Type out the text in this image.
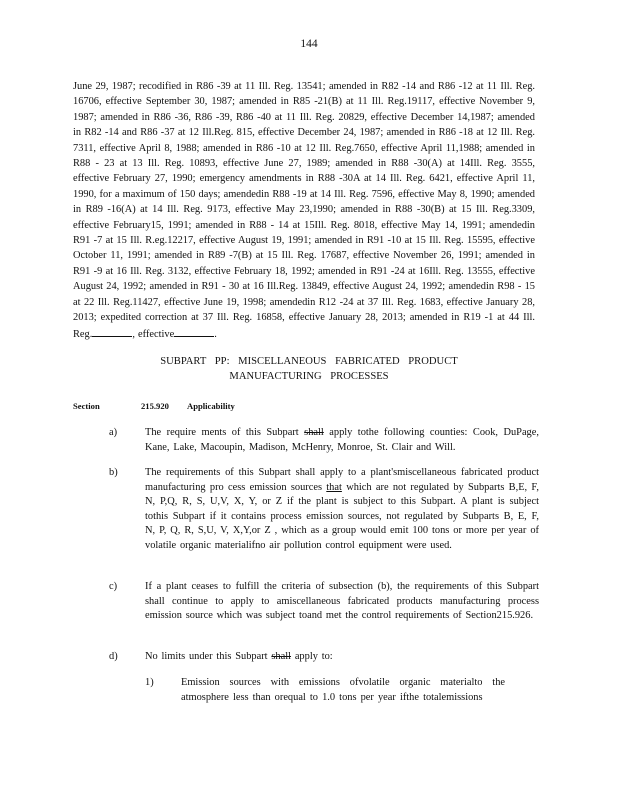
144
June 29, 1987; recodified in R86 -39 at 11 Ill. Reg. 13541; amended in R82 -14 and R86 -12 at 11 Ill. Reg. 16706, effective September 30, 1987; amended in R85 -21(B) at 11 Ill. Reg.19117, effective November 9, 1987; amended in R86 -36, R86 -39, R86 -40 at 11 Ill. Reg. 20829, effective December 14,1987; amended in R82 -14 and R86 -37 at 12 Ill.Reg. 815, effective December 24, 1987; amended in R86 -18 at 12 Ill. Reg. 7311, effective April 8, 1988; amended in R86 -10 at 12 Ill. Reg.7650, effective April 11,1988; amended in R88 - 23 at 13 Ill. Reg. 10893, effective June 27, 1989; amended in R88 -30(A) at 14Ill. Reg. 3555, effective February 27, 1990; emergency amendments in R88 -30A at 14 Ill. Reg. 6421, effective April 11, 1990, for a maximum of 150 days; amendedin R88 -19 at 14 Ill. Reg. 7596, effective May 8, 1990; amended in R89 -16(A) at 14 Ill. Reg. 9173, effective May 23,1990; amended in R88 -30(B) at 15 Ill. Reg.3309, effective February15, 1991; amended in R88 - 14 at 15Ill. Reg. 8018, effective May 14, 1991; amendedin R91 -7 at 15 Ill. R.eg.12217, effective August 19, 1991; amended in R91 -10 at 15 Ill. Reg. 15595, effective October 11, 1991; amended in R89 -7(B) at 15 Ill. Reg. 17687, effective November 26, 1991; amended in R91 -9 at 16 Ill. Reg. 3132, effective February 18, 1992; amended in R91 -24 at 16Ill. Reg. 13555, effective August 24, 1992; amended in R91 - 30 at 16 Ill.Reg. 13849, effective August 24, 1992; amendedin R98 - 15 at 22 Ill. Reg.11427, effective June 19, 1998; amendedin R12 -24 at 37 Ill. Reg. 1683, effective January 28, 2013; expedited correction at 37 Ill. Reg. 16858, effective January 28, 2013; amended in R19 -1 at 44 Ill. Reg.	, effective	.
SUBPART PP: MISCELLANEOUS FABRICATED PRODUCT
MANUFACTURING PROCESSES
Section	215.920 Applicability
a)	The require ments of this Subpart shall apply tothe following counties: Cook, DuPage, Kane, Lake, Macoupin, Madison, McHenry, Monroe, St. Clair and Will.
b)	The requirements of this Subpart shall apply to a plant'smiscellaneous fabricated product manufacturing pro cess emission sources that which are not regulated by Subparts B,E, F, N, P,Q, R, S, U,V, X, Y, or Z if the plant is subject to this Subpart. A plant is subject tothis Subpart if it contains process emission sources, not regulated by Subparts B, E, F, N, P, Q, R, S,U, V, X,Y,or Z , which as a group would emit 100 tons or more per year of volatile organic materialifno air pollution control equipment were used.
c)	If a plant ceases to fulfill the criteria of subsection (b), the requirements of this Subpart shall continue to apply to amiscellaneous fabricated products manufacturing process emission source which was subject toand met the control requirements of Section215.926.
d)	No limits under this Subpart shall apply to:
1)	Emission sources with emissions ofvolatile organic materialto the atmosphere less than orequal to 1.0 tons per year ifthe totalemissions
